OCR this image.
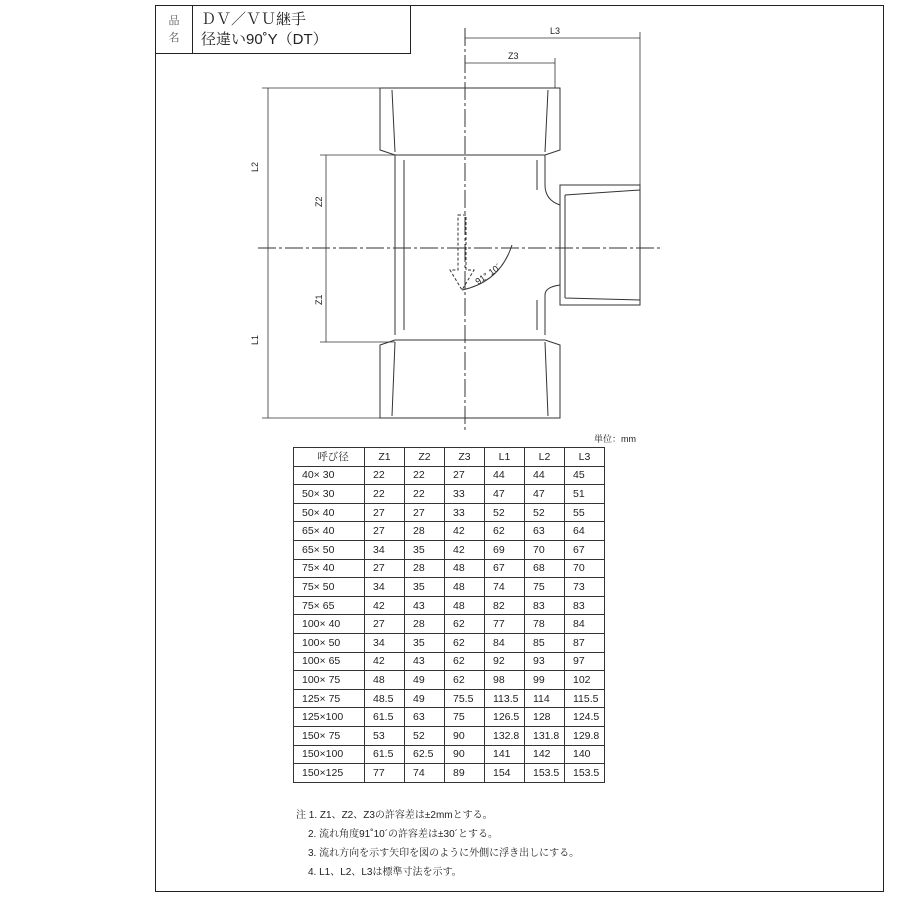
品
名
ＤＶ／ＶＵ継手
径違い90˚Y（DT）
L2
L1
Z2
Z1
L3
Z3
91° 10´
単位：mm
呼び径	Z1	Z2	Z3	L1	L2	L3
40× 30	22	22	27	44	44	45
50× 30	22	22	33	47	47	51
50× 40	27	27	33	52	52	55
65× 40	27	28	42	62	63	64
65× 50	34	35	42	69	70	67
75× 40	27	28	48	67	68	70
75× 50	34	35	48	74	75	73
75× 65	42	43	48	82	83	83
100× 40	27	28	62	77	78	84
100× 50	34	35	62	84	85	87
100× 65	42	43	62	92	93	97
100× 75	48	49	62	98	99	102
125× 75	48.5	49	75.5	113.5	114	115.5
125×100	61.5	63	75	126.5	128	124.5
150× 75	53	52	90	132.8	131.8	129.8
150×100	61.5	62.5	90	141	142	140
150×125	77	74	89	154	153.5	153.5
注 1. Z1、Z2、Z3の許容差は±2mmとする。
2. 流れ角度91˚10´の許容差は±30´とする。
3. 流れ方向を示す矢印を図のように外側に浮き出しにする。
4. L1、L2、L3は標準寸法を示す。
